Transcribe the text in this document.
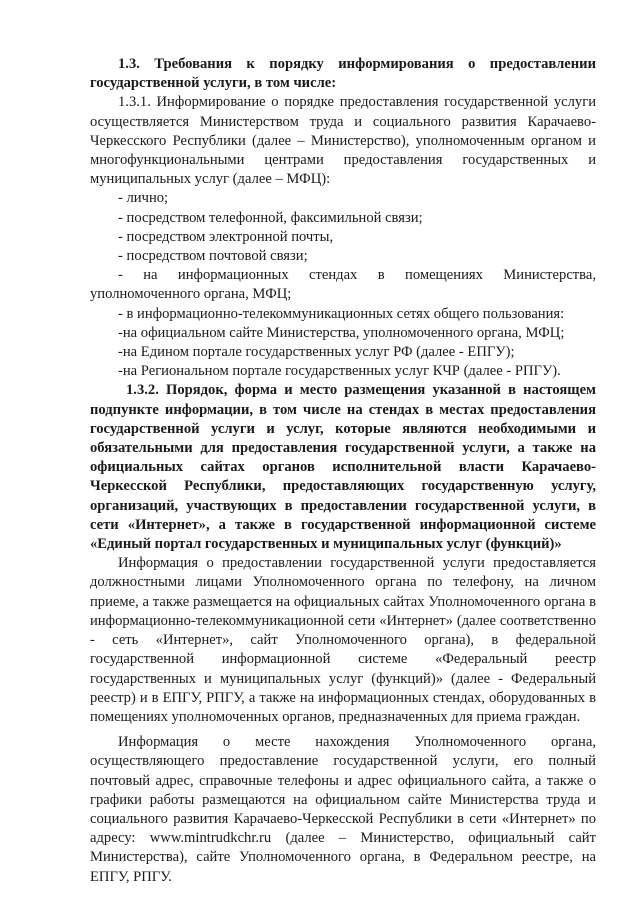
1.3. Требования к порядку информирования о предоставлении государственной услуги, в том числе:

1.3.1. Информирование о порядке предоставления государственной услуги осуществляется Министерством труда и социального развития Карачаево-Черкесского Республики (далее – Министерство), уполномоченным органом и многофункциональными центрами предоставления государственных и муниципальных услуг (далее – МФЦ):

- лично;

- посредством телефонной, факсимильной связи;

- посредством электронной почты,

- посредством почтовой связи;

- на информационных стендах в помещениях Министерства, уполномоченного органа, МФЦ;

- в информационно-телекоммуникационных сетях общего пользования:

-на официальном сайте Министерства, уполномоченного органа, МФЦ;

-на Едином портале государственных услуг РФ (далее - ЕПГУ);

-на Региональном портале государственных услуг КЧР (далее - РПГУ).

1.3.2. Порядок, форма и место размещения указанной в настоящем подпункте информации, в том числе на стендах в местах предоставления государственной услуги и услуг, которые являются необходимыми и обязательными для предоставления государственной услуги, а также на официальных сайтах органов исполнительной власти Карачаево-Черкесской Республики, предоставляющих государственную услугу, организаций, участвующих в предоставлении государственной услуги, в сети «Интернет», а также в государственной информационной системе «Единый портал государственных и муниципальных услуг (функций)»

Информация о предоставлении государственной услуги предоставляется должностными лицами Уполномоченного органа по телефону, на личном приеме, а также размещается на официальных сайтах Уполномоченного органа в информационно-телекоммуникационной сети «Интернет» (далее соответственно - сеть «Интернет», сайт Уполномоченного органа), в федеральной государственной информационной системе «Федеральный реестр государственных и муниципальных услуг (функций)» (далее - Федеральный реестр) и в ЕПГУ, РПГУ, а также на информационных стендах, оборудованных в помещениях уполномоченных органов, предназначенных для приема граждан.

Информация о месте нахождения Уполномоченного органа, осуществляющего предоставление государственной услуги, его полный почтовый адрес, справочные телефоны и адрес официального сайта, а также о графики работы размещаются на официальном сайте Министерства труда и социального развития Карачаево-Черкесской Республики в сети «Интернет» по адресу: www.mintrudkchr.ru (далее – Министерство, официальный сайт Министерства), сайте Уполномоченного органа, в Федеральном реестре, на ЕПГУ, РПГУ.
